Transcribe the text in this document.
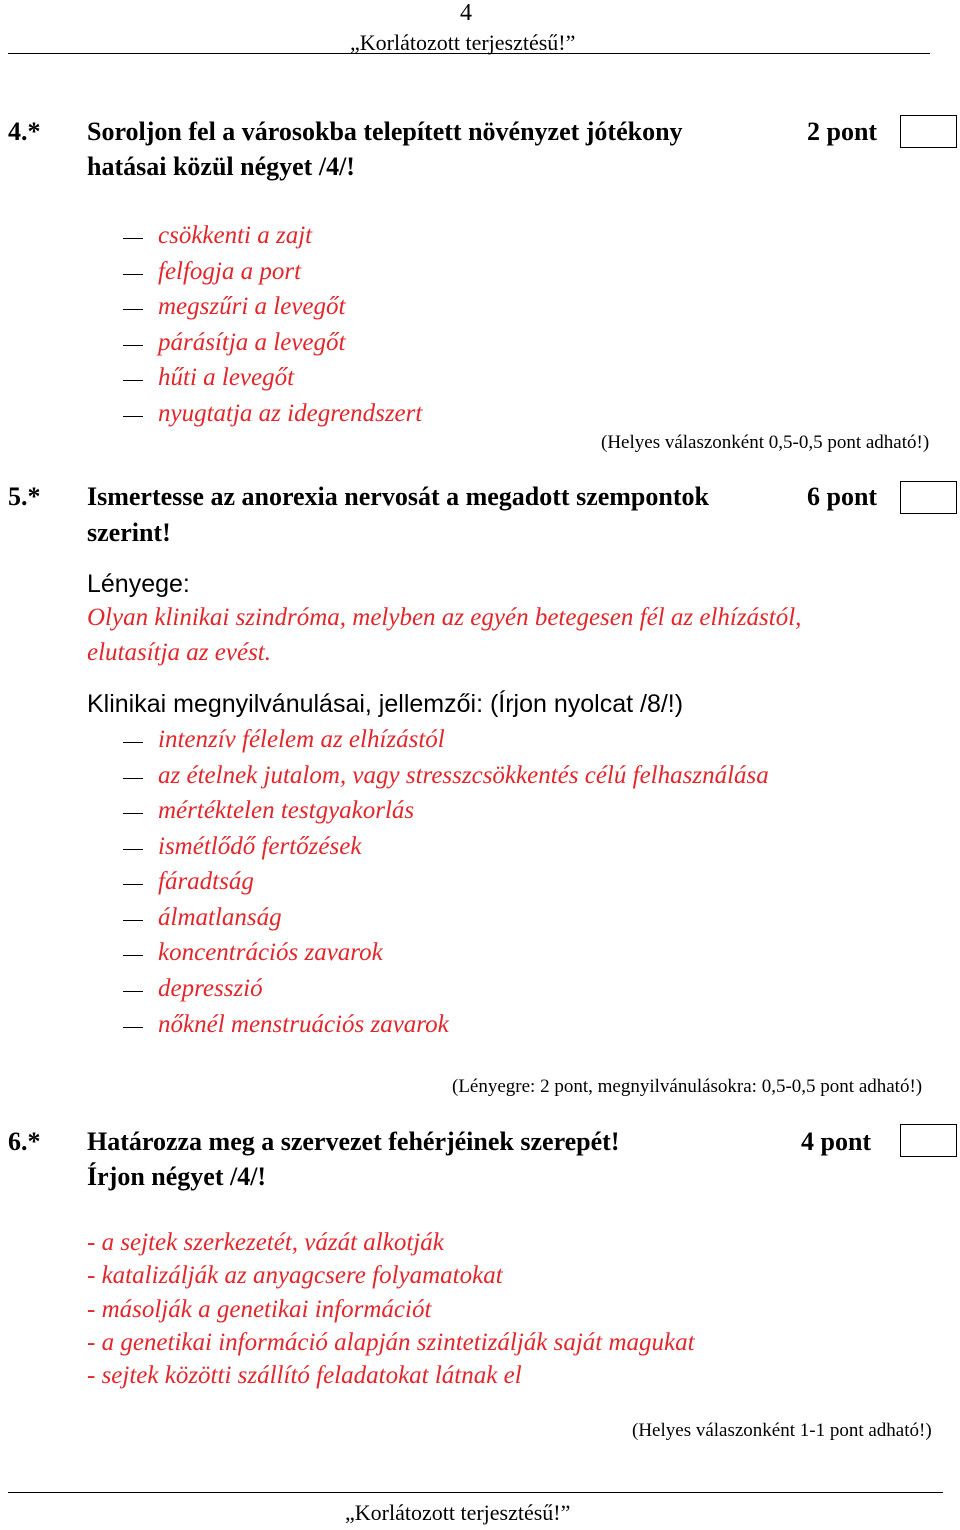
4
„Korlátozott terjesztésű!”
4.* Soroljon fel a városokba telepített növényzet jótékony	2 pont
hatásai közül négyet /4/!
csökkenti a zajt
felfogja a port
megszűri a levegőt
párásítja a levegőt
hűti a levegőt
nyugtatja az idegrendszert
(Helyes válaszonként 0,5-0,5 pont adható!)
5.* Ismertesse az anorexia nervosát a megadott szempontok	6 pont
szerint!
Lényege:
Olyan klinikai szindróma, melyben az egyén betegesen fél az elhízástól,
elutasítja az evést.
Klinikai megnyilvánulásai, jellemzői: (Írjon nyolcat /8/!)
intenzív félelem az elhízástól
az ételnek jutalom, vagy stresszcsökkentés célú felhasználása
mértéktelen testgyakorlás
ismétlődő fertőzések
fáradtság
álmatlanság
koncentrációs zavarok
depresszió
nőknél menstruációs zavarok
(Lényegre: 2 pont, megnyilvánulásokra: 0,5-0,5 pont adható!)
6.* Határozza meg a szervezet fehérjéinek szerepét!	4 pont
Írjon négyet /4/!
- a sejtek szerkezetét, vázát alkotják
- katalizálják az anyagcsere folyamatokat
- másolják a genetikai információt
- a genetikai információ alapján szintetizálják saját magukat
- sejtek közötti szállító feladatokat látnak el
(Helyes válaszonként 1-1 pont adható!)
„Korlátozott terjesztésű!”
